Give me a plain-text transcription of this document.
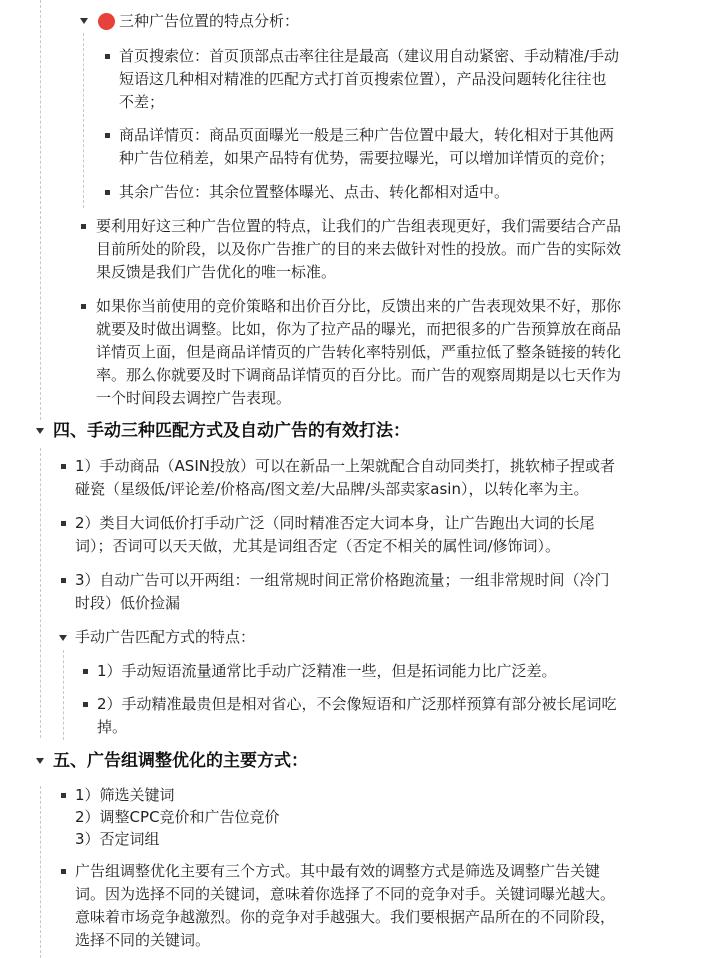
三种广告位置的特点分析：
首页搜索位：首页顶部点击率往往是最高（建议用自动紧密、手动精准/手动
短语这几种相对精准的匹配方式打首页搜索位置），产品没问题转化往往也
不差；
商品详情页：商品页面曝光一般是三种广告位置中最大，转化相对于其他两
种广告位稍差，如果产品特有优势，需要拉曝光，可以增加详情页的竞价；
其余广告位：其余位置整体曝光、点击、转化都相对适中。
要利用好这三种广告位置的特点，让我们的广告组表现更好，我们需要结合产品
目前所处的阶段，以及你广告推广的目的来去做针对性的投放。而广告的实际效
果反馈是我们广告优化的唯一标准。
如果你当前使用的竞价策略和出价百分比，反馈出来的广告表现效果不好，那你
就要及时做出调整。比如，你为了拉产品的曝光，而把很多的广告预算放在商品
详情页上面，但是商品详情页的广告转化率特别低，严重拉低了整条链接的转化
率。那么你就要及时下调商品详情页的百分比。而广告的观察周期是以七天作为
一个时间段去调控广告表现。
四、手动三种匹配方式及自动广告的有效打法：
1）手动商品（ASIN投放）可以在新品一上架就配合自动同类打，挑软柿子捏或者
碰瓷（星级低/评论差/价格高/图文差/大品牌/头部卖家asin），以转化率为主。
2）类目大词低价打手动广泛（同时精准否定大词本身，让广告跑出大词的长尾
词）；否词可以天天做，尤其是词组否定（否定不相关的属性词/修饰词）。
3）自动广告可以开两组：一组常规时间正常价格跑流量；一组非常规时间（冷门
时段）低价捡漏
手动广告匹配方式的特点：
1）手动短语流量通常比手动广泛精准一些，但是拓词能力比广泛差。
2）手动精准最贵但是相对省心，不会像短语和广泛那样预算有部分被长尾词吃
掉。
五、广告组调整优化的主要方式：
1）筛选关键词
2）调整CPC竞价和广告位竞价
3）否定词组
广告组调整优化主要有三个方式。其中最有效的调整方式是筛选及调整广告关键
词。因为选择不同的关键词，意味着你选择了不同的竞争对手。关键词曝光越大。
意味着市场竞争越激烈。你的竞争对手越强大。我们要根据产品所在的不同阶段，
选择不同的关键词。
